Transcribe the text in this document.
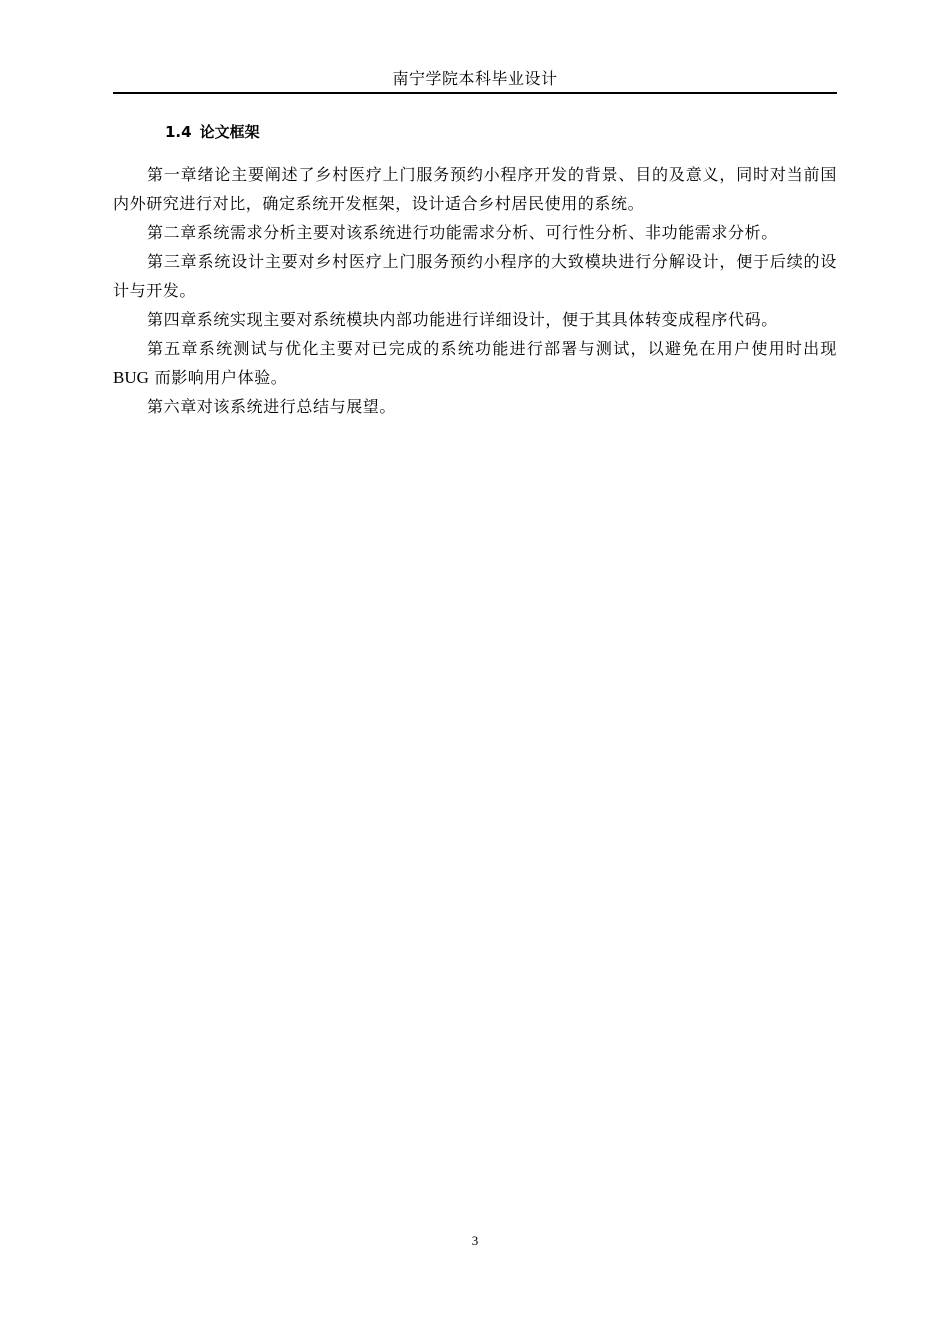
南宁学院本科毕业设计
1.4 论文框架

第一章绪论主要阐述了乡村医疗上门服务预约小程序开发的背景、目的及意义，同时对当前国内外研究进行对比，确定系统开发框架，设计适合乡村居民使用的系统。

第二章系统需求分析主要对该系统进行功能需求分析、可行性分析、非功能需求分析。

第三章系统设计主要对乡村医疗上门服务预约小程序的大致模块进行分解设计，便于后续的设计与开发。

第四章系统实现主要对系统模块内部功能进行详细设计，便于其具体转变成程序代码。

第五章系统测试与优化主要对已完成的系统功能进行部署与测试，以避免在用户使用时出现 BUG 而影响用户体验。

第六章对该系统进行总结与展望。

3
